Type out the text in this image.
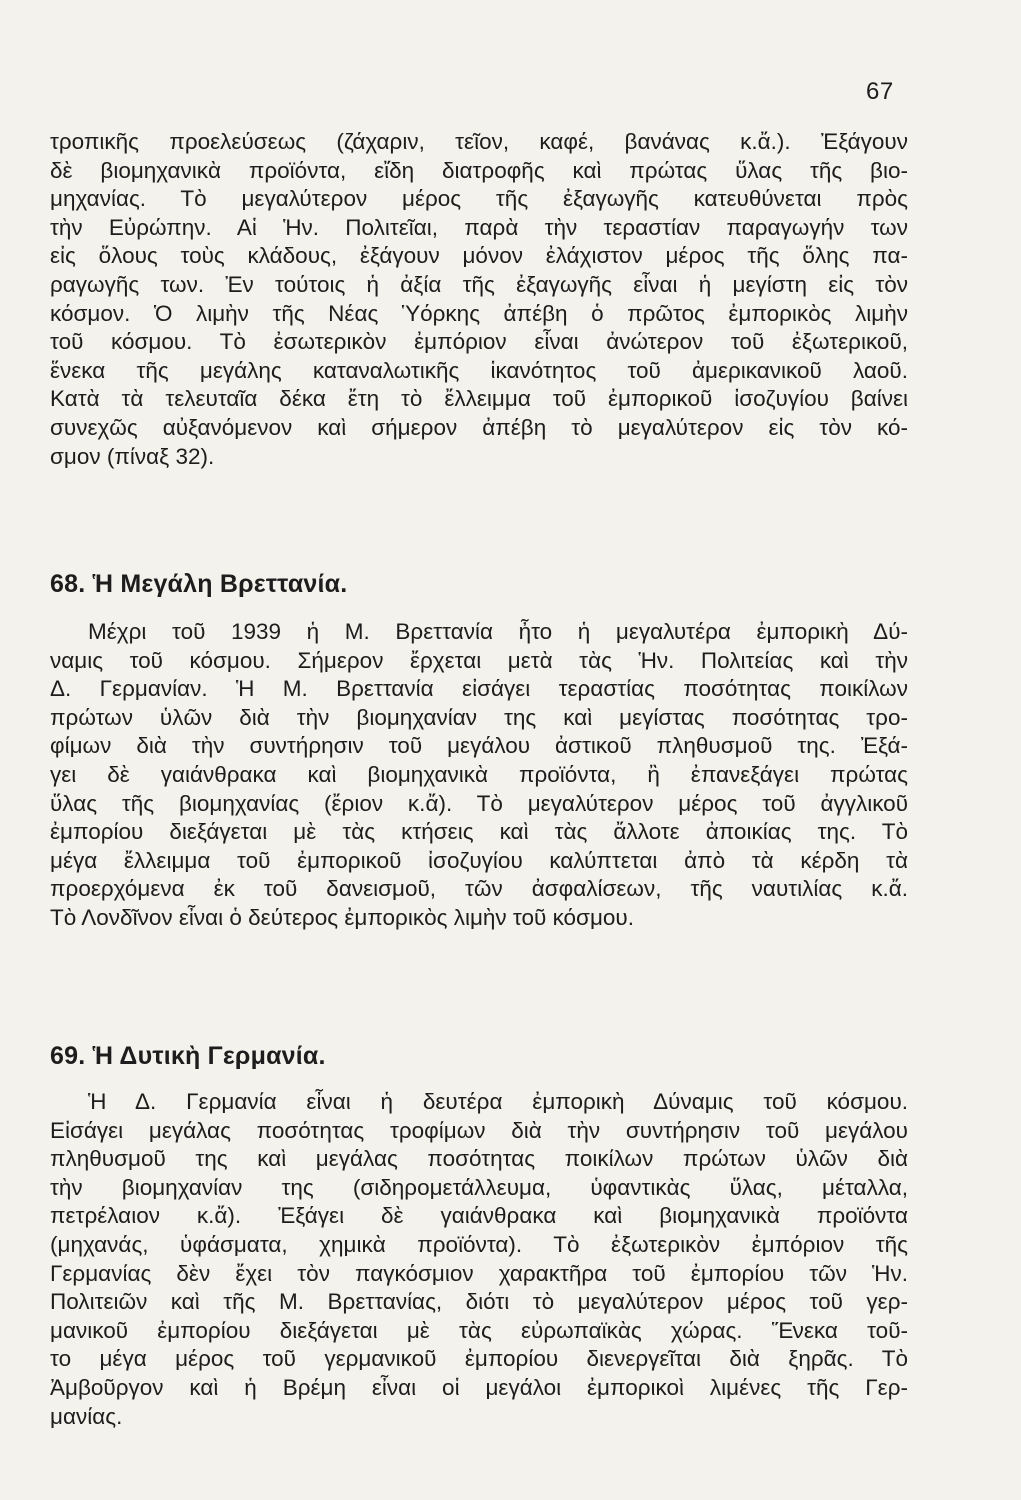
67
τροπικῆς προελεύσεως (ζάχαριν, τεῖον, καφέ, βανάνας κ.ἄ.). Ἐξάγουν
δὲ βιομηχανικὰ προϊόντα, εἴδη διατροφῆς καὶ πρώτας ὕλας τῆς βιο-
μηχανίας. Τὸ μεγαλύτερον μέρος τῆς ἐξαγωγῆς κατευθύνεται πρὸς
τὴν Εὐρώπην. Αἱ Ἡν. Πολιτεῖαι, παρὰ τὴν τεραστίαν παραγωγήν των
εἰς ὅλους τοὺς κλάδους, ἐξάγουν μόνον ἐλάχιστον μέρος τῆς ὅλης πα-
ραγωγῆς των. Ἐν τούτοις ἡ ἀξία τῆς ἐξαγωγῆς εἶναι ἡ μεγίστη εἰς τὸν
κόσμον. Ὁ λιμὴν τῆς Νέας Ὑόρκης ἀπέβη ὁ πρῶτος ἐμπορικὸς λιμὴν
τοῦ κόσμου. Τὸ ἐσωτερικὸν ἐμπόριον εἶναι ἀνώτερον τοῦ ἐξωτερικοῦ,
ἕνεκα τῆς μεγάλης καταναλωτικῆς ἱκανότητος τοῦ ἀμερικανικοῦ λαοῦ.
Κατὰ τὰ τελευταῖα δέκα ἔτη τὸ ἔλλειμμα τοῦ ἐμπορικοῦ ἰσοζυγίου βαίνει
συνεχῶς αὐξανόμενον καὶ σήμερον ἀπέβη τὸ μεγαλύτερον εἰς τὸν κό-
σμον (πίναξ 32).
68. Ἡ Μεγάλη Βρεττανία.
Μέχρι τοῦ 1939 ἡ Μ. Βρεττανία ἦτο ἡ μεγαλυτέρα ἐμπορικὴ Δύ-
ναμις τοῦ κόσμου. Σήμερον ἔρχεται μετὰ τὰς Ἡν. Πολιτείας καὶ τὴν
Δ. Γερμανίαν. Ἡ Μ. Βρεττανία εἰσάγει τεραστίας ποσότητας ποικίλων
πρώτων ὑλῶν διὰ τὴν βιομηχανίαν της καὶ μεγίστας ποσότητας τρο-
φίμων διὰ τὴν συντήρησιν τοῦ μεγάλου ἀστικοῦ πληθυσμοῦ της. Ἐξά-
γει δὲ γαιάνθρακα καὶ βιομηχανικὰ προϊόντα, ἢ ἐπανεξάγει πρώτας
ὕλας τῆς βιομηχανίας (ἔριον κ.ἄ). Τὸ μεγαλύτερον μέρος τοῦ ἀγγλικοῦ
ἐμπορίου διεξάγεται μὲ τὰς κτήσεις καὶ τὰς ἄλλοτε ἀποικίας της. Τὸ
μέγα ἔλλειμμα τοῦ ἐμπορικοῦ ἰσοζυγίου καλύπτεται ἀπὸ τὰ κέρδη τὰ
προερχόμενα ἐκ τοῦ δανεισμοῦ, τῶν ἀσφαλίσεων, τῆς ναυτιλίας κ.ἄ.
Τὸ Λονδῖνον εἶναι ὁ δεύτερος ἐμπορικὸς λιμὴν τοῦ κόσμου.
69. Ἡ Δυτικὴ Γερμανία.
Ἡ Δ. Γερμανία εἶναι ἡ δευτέρα ἐμπορικὴ Δύναμις τοῦ κόσμου.
Εἰσάγει μεγάλας ποσότητας τροφίμων διὰ τὴν συντήρησιν τοῦ μεγάλου
πληθυσμοῦ της καὶ μεγάλας ποσότητας ποικίλων πρώτων ὑλῶν διὰ
τὴν βιομηχανίαν της (σιδηρομετάλλευμα, ὑφαντικὰς ὕλας, μέταλλα,
πετρέλαιον κ.ἄ). Ἐξάγει δὲ γαιάνθρακα καὶ βιομηχανικὰ προϊόντα
(μηχανάς, ὑφάσματα, χημικὰ προϊόντα). Τὸ ἐξωτερικὸν ἐμπόριον τῆς
Γερμανίας δὲν ἔχει τὸν παγκόσμιον χαρακτῆρα τοῦ ἐμπορίου τῶν Ἡν.
Πολιτειῶν καὶ τῆς Μ. Βρεττανίας, διότι τὸ μεγαλύτερον μέρος τοῦ γερ-
μανικοῦ ἐμπορίου διεξάγεται μὲ τὰς εὐρωπαϊκὰς χώρας. Ἕνεκα τοῦ-
το μέγα μέρος τοῦ γερμανικοῦ ἐμπορίου διενεργεῖται διὰ ξηρᾶς. Τὸ
Ἀμβοῦργον καὶ ἡ Βρέμη εἶναι οἱ μεγάλοι ἐμπορικοὶ λιμένες τῆς Γερ-
μανίας.
